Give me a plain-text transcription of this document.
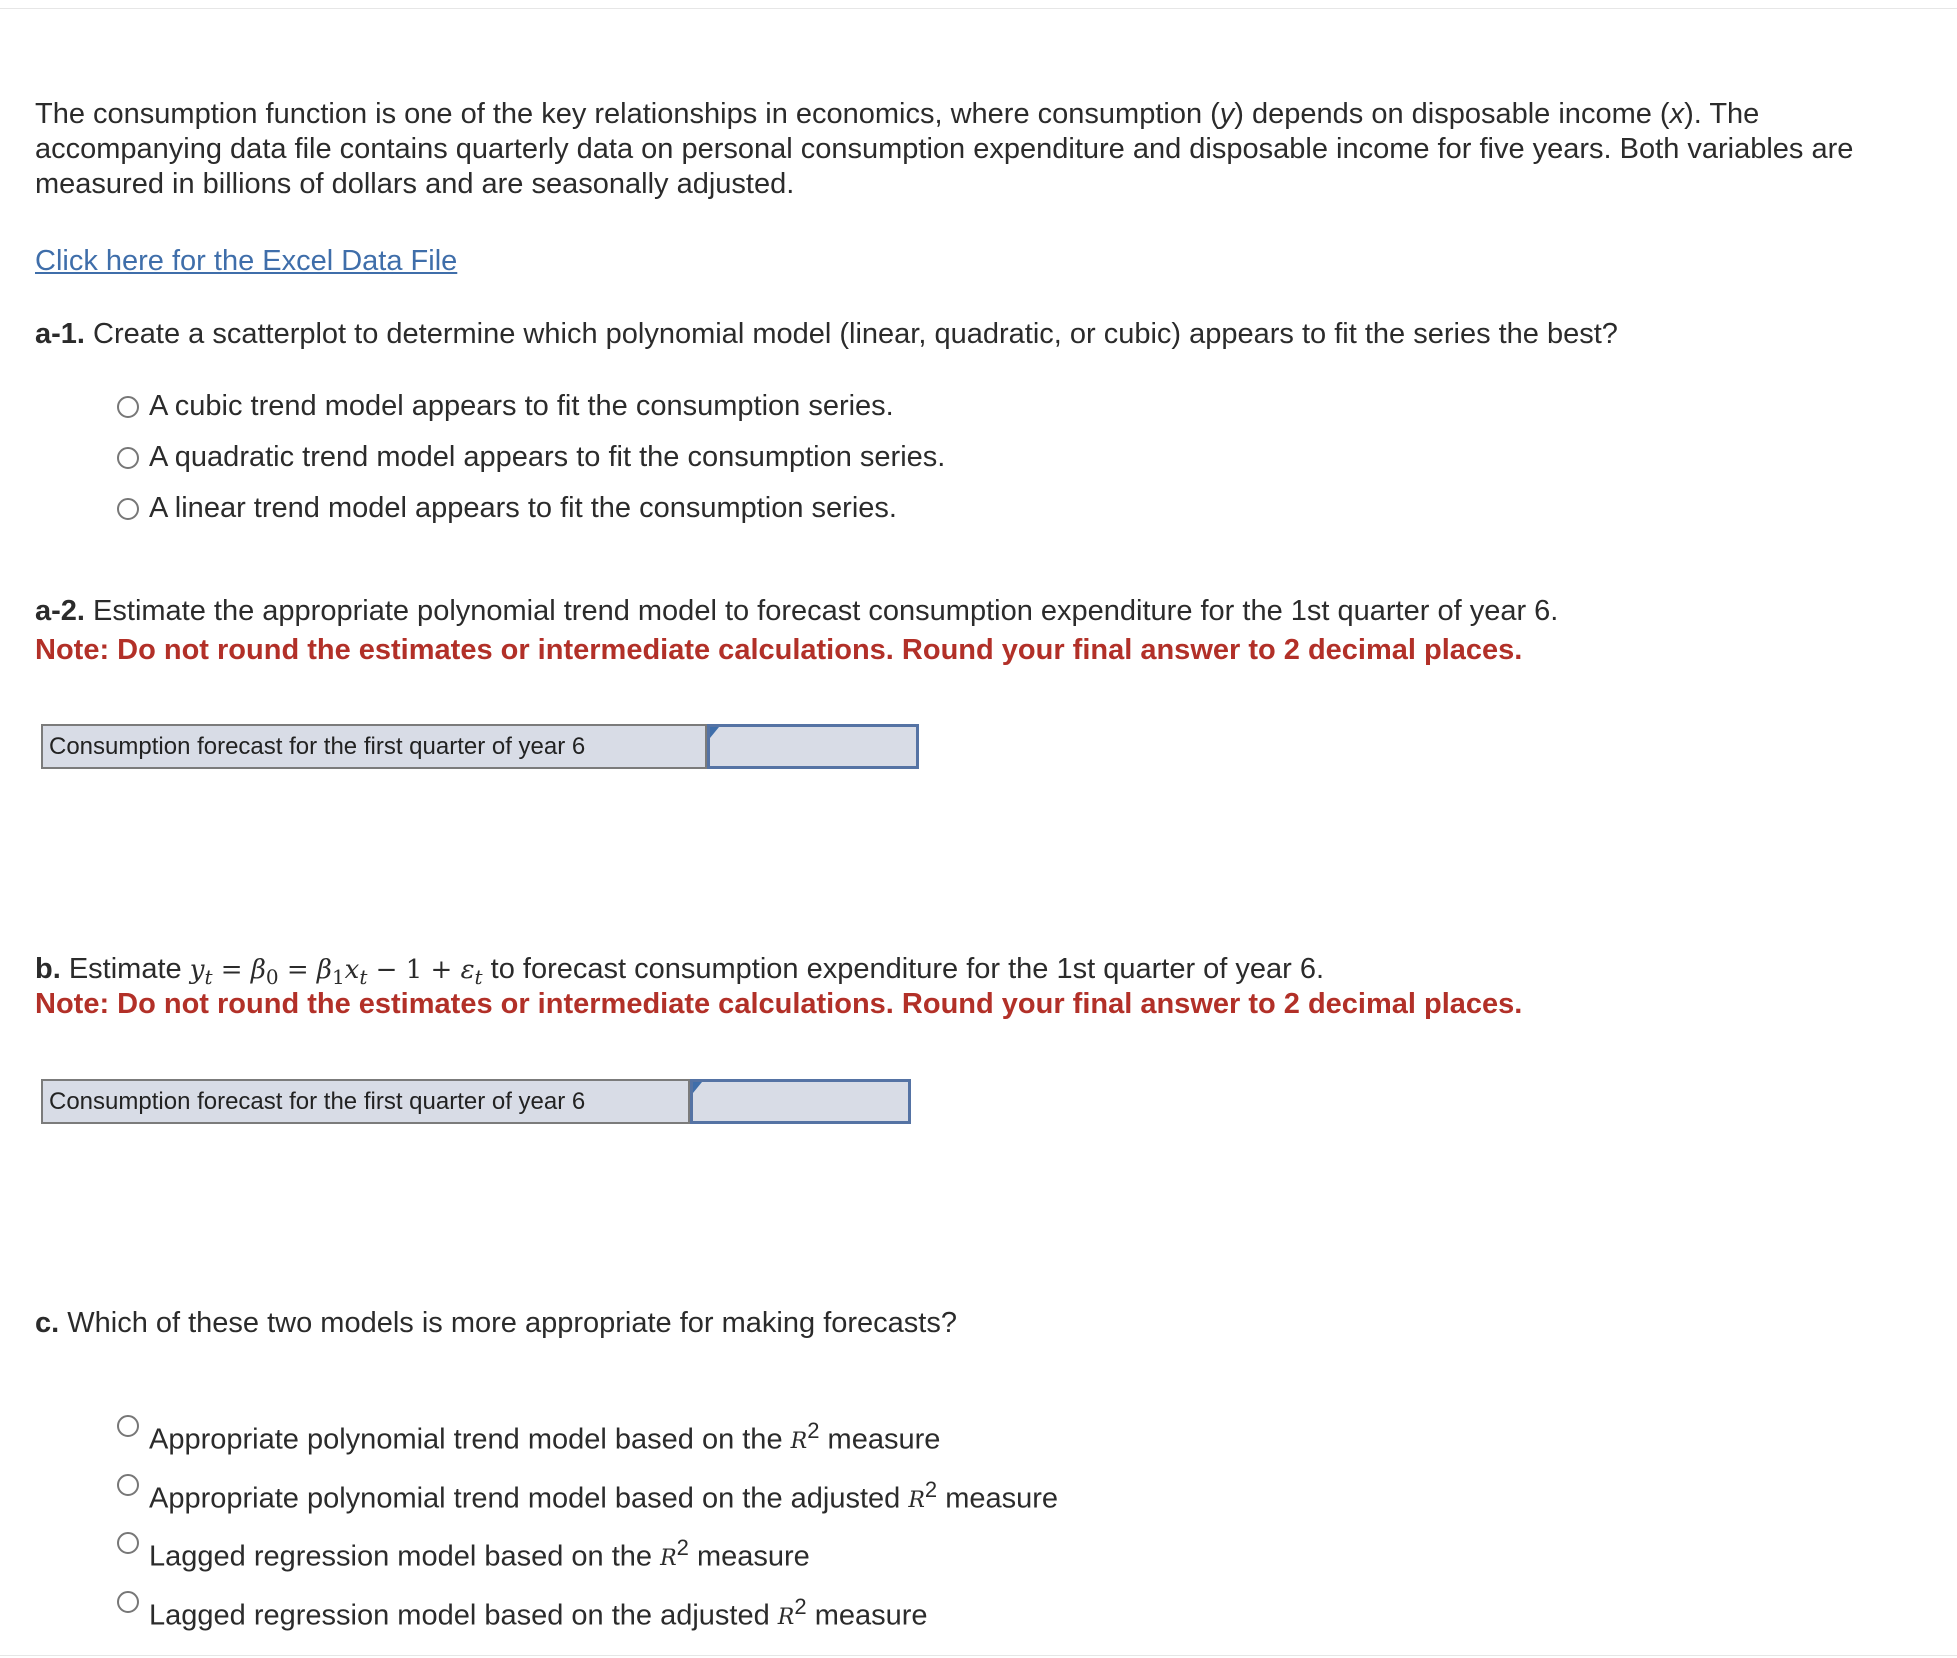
The consumption function is one of the key relationships in economics, where consumption (y) depends on disposable income (x). The accompanying data file contains quarterly data on personal consumption expenditure and disposable income for five years. Both variables are measured in billions of dollars and are seasonally adjusted.
Click here for the Excel Data File
a-1. Create a scatterplot to determine which polynomial model (linear, quadratic, or cubic) appears to fit the series the best?
A cubic trend model appears to fit the consumption series.
A quadratic trend model appears to fit the consumption series.
A linear trend model appears to fit the consumption series.
a-2. Estimate the appropriate polynomial trend model to forecast consumption expenditure for the 1st quarter of year 6.
Note: Do not round the estimates or intermediate calculations. Round your final answer to 2 decimal places.
Consumption forecast for the first quarter of year 6
b. Estimate $y_t = \beta_0 = \beta_1x_t - 1 + \varepsilon_t$ to forecast consumption expenditure for the 1st quarter of year 6.
Note: Do not round the estimates or intermediate calculations. Round your final answer to 2 decimal places.
Consumption forecast for the first quarter of year 6
c. Which of these two models is more appropriate for making forecasts?
Appropriate polynomial trend model based on the $R^2$ measure
Appropriate polynomial trend model based on the adjusted $R^2$ measure
Lagged regression model based on the $R^2$ measure
Lagged regression model based on the adjusted $R^2$ measure
